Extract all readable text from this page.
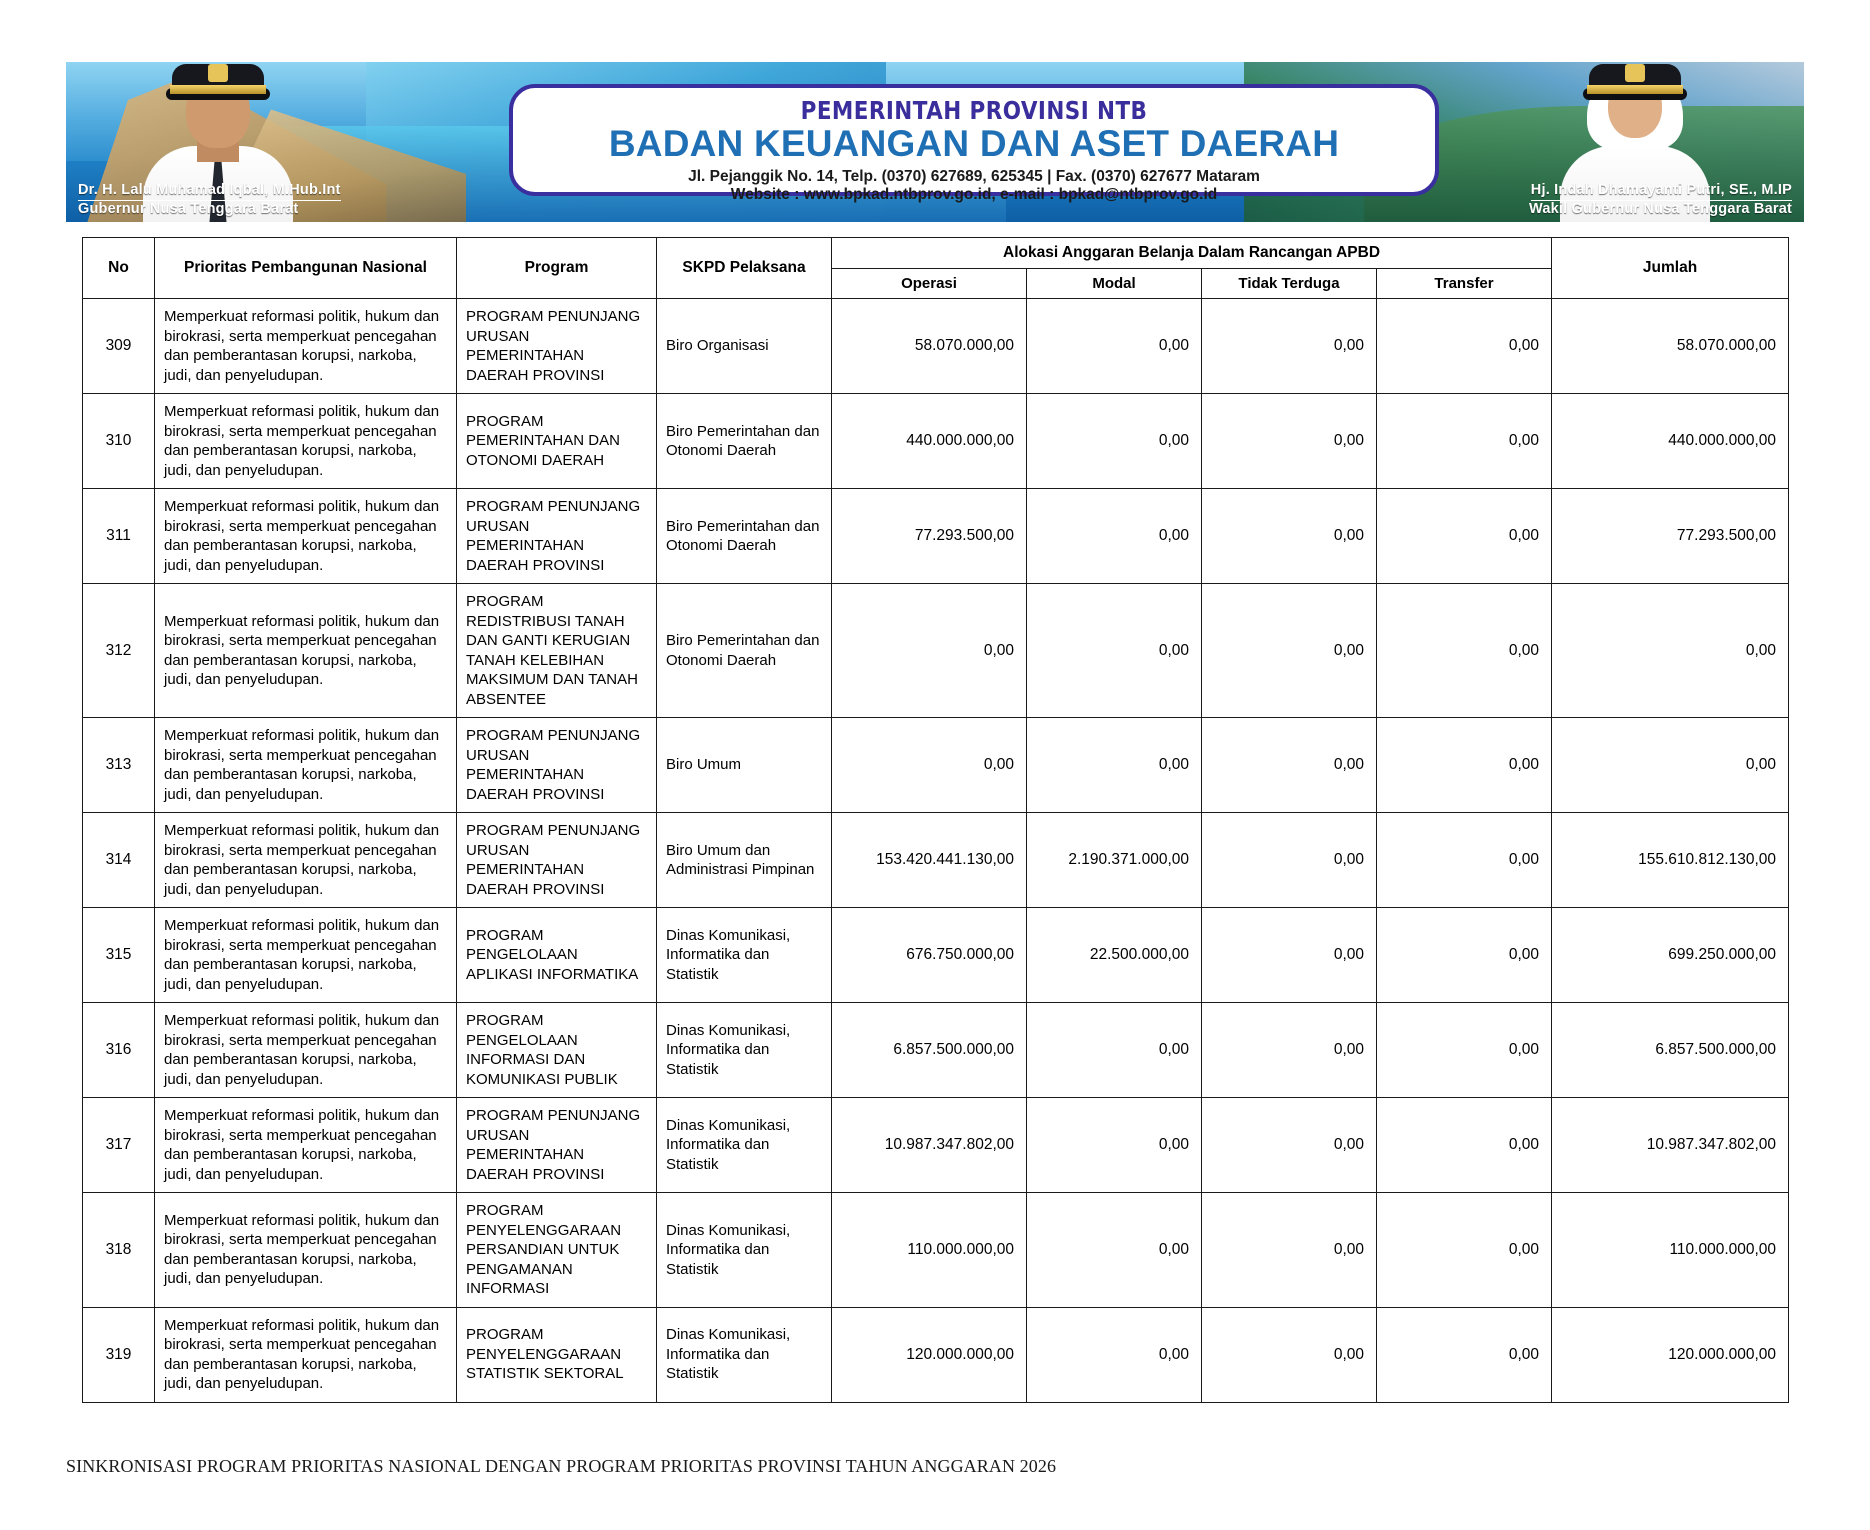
Dr. H. Lalu Muhamad Iqbal, M.Hub.Int
Gubernur Nusa Tenggara Barat
Hj. Indah Dhamayanti Putri, SE., M.IP
Wakil Gubernur Nusa Tenggara Barat
PEMERINTAH PROVINSI NTB
BADAN KEUANGAN DAN ASET DAERAH
Jl. Pejanggik No. 14, Telp. (0370) 627689, 625345 | Fax. (0370) 627677 Mataram
Website : www.bpkad.ntbprov.go.id, e-mail : bpkad@ntbprov.go.id
No	Prioritas Pembangunan Nasional	Program	SKPD Pelaksana	Alokasi Anggaran Belanja Dalam Rancangan APBD				Jumlah
				Operasi	Modal	Tidak Terduga	Transfer	
309	Memperkuat reformasi politik, hukum dan birokrasi, serta memperkuat pencegahan dan pemberantasan korupsi, narkoba, judi, dan penyeludupan.	PROGRAM PENUNJANG URUSAN PEMERINTAHAN DAERAH PROVINSI	Biro Organisasi	58.070.000,00	0,00	0,00	0,00	58.070.000,00
310	Memperkuat reformasi politik, hukum dan birokrasi, serta memperkuat pencegahan dan pemberantasan korupsi, narkoba, judi, dan penyeludupan.	PROGRAM PEMERINTAHAN DAN OTONOMI DAERAH	Biro Pemerintahan dan Otonomi Daerah	440.000.000,00	0,00	0,00	0,00	440.000.000,00
311	Memperkuat reformasi politik, hukum dan birokrasi, serta memperkuat pencegahan dan pemberantasan korupsi, narkoba, judi, dan penyeludupan.	PROGRAM PENUNJANG URUSAN PEMERINTAHAN DAERAH PROVINSI	Biro Pemerintahan dan Otonomi Daerah	77.293.500,00	0,00	0,00	0,00	77.293.500,00
312	Memperkuat reformasi politik, hukum dan birokrasi, serta memperkuat pencegahan dan pemberantasan korupsi, narkoba, judi, dan penyeludupan.	PROGRAM REDISTRIBUSI TANAH DAN GANTI KERUGIAN TANAH KELEBIHAN MAKSIMUM DAN TANAH ABSENTEE	Biro Pemerintahan dan Otonomi Daerah	0,00	0,00	0,00	0,00	0,00
313	Memperkuat reformasi politik, hukum dan birokrasi, serta memperkuat pencegahan dan pemberantasan korupsi, narkoba, judi, dan penyeludupan.	PROGRAM PENUNJANG URUSAN PEMERINTAHAN DAERAH PROVINSI	Biro Umum	0,00	0,00	0,00	0,00	0,00
314	Memperkuat reformasi politik, hukum dan birokrasi, serta memperkuat pencegahan dan pemberantasan korupsi, narkoba, judi, dan penyeludupan.	PROGRAM PENUNJANG URUSAN PEMERINTAHAN DAERAH PROVINSI	Biro Umum dan Administrasi Pimpinan	153.420.441.130,00	2.190.371.000,00	0,00	0,00	155.610.812.130,00
315	Memperkuat reformasi politik, hukum dan birokrasi, serta memperkuat pencegahan dan pemberantasan korupsi, narkoba, judi, dan penyeludupan.	PROGRAM PENGELOLAAN APLIKASI INFORMATIKA	Dinas Komunikasi, Informatika dan Statistik	676.750.000,00	22.500.000,00	0,00	0,00	699.250.000,00
316	Memperkuat reformasi politik, hukum dan birokrasi, serta memperkuat pencegahan dan pemberantasan korupsi, narkoba, judi, dan penyeludupan.	PROGRAM PENGELOLAAN INFORMASI DAN KOMUNIKASI PUBLIK	Dinas Komunikasi, Informatika dan Statistik	6.857.500.000,00	0,00	0,00	0,00	6.857.500.000,00
317	Memperkuat reformasi politik, hukum dan birokrasi, serta memperkuat pencegahan dan pemberantasan korupsi, narkoba, judi, dan penyeludupan.	PROGRAM PENUNJANG URUSAN PEMERINTAHAN DAERAH PROVINSI	Dinas Komunikasi, Informatika dan Statistik	10.987.347.802,00	0,00	0,00	0,00	10.987.347.802,00
318	Memperkuat reformasi politik, hukum dan birokrasi, serta memperkuat pencegahan dan pemberantasan korupsi, narkoba, judi, dan penyeludupan.	PROGRAM PENYELENGGARAAN PERSANDIAN UNTUK PENGAMANAN INFORMASI	Dinas Komunikasi, Informatika dan Statistik	110.000.000,00	0,00	0,00	0,00	110.000.000,00
319	Memperkuat reformasi politik, hukum dan birokrasi, serta memperkuat pencegahan dan pemberantasan korupsi, narkoba, judi, dan penyeludupan.	PROGRAM PENYELENGGARAAN STATISTIK SEKTORAL	Dinas Komunikasi, Informatika dan Statistik	120.000.000,00	0,00	0,00	0,00	120.000.000,00
SINKRONISASI PROGRAM PRIORITAS NASIONAL DENGAN PROGRAM PRIORITAS PROVINSI TAHUN ANGGARAN 2026
